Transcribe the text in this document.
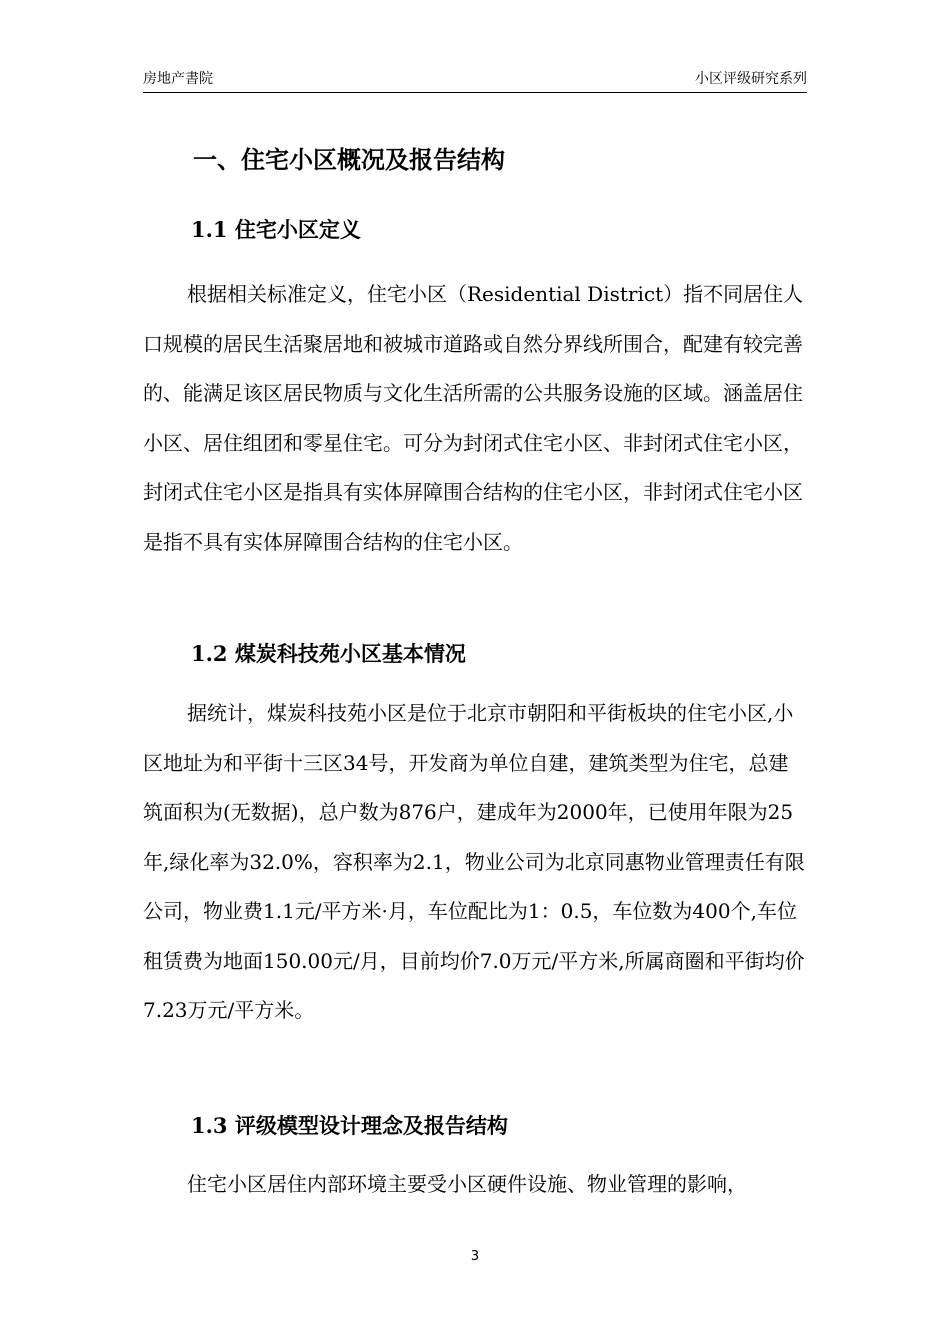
房地产書院	小区评级研究系列
一、住宅小区概况及报告结构
1.1 住宅小区定义

根据相关标准定义，住宅小区（Residential District）指不同居住人口规模的居民生活聚居地和被城市道路或自然分界线所围合，配建有较完善的、能满足该区居民物质与文化生活所需的公共服务设施的区域。涵盖居住小区、居住组团和零星住宅。可分为封闭式住宅小区、非封闭式住宅小区，封闭式住宅小区是指具有实体屏障围合结构的住宅小区，非封闭式住宅小区是指不具有实体屏障围合结构的住宅小区。

1.2 煤炭科技苑小区基本情况

据统计，煤炭科技苑小区是位于北京市朝阳和平街板块的住宅小区,小区地址为和平街十三区34号，开发商为单位自建，建筑类型为住宅，总建筑面积为(无数据)，总户数为876户，建成年为2000年，已使用年限为25年,绿化率为32.0%，容积率为2.1，物业公司为北京同惠物业管理责任有限公司，物业费1.1元/平方米·月，车位配比为1：0.5，车位数为400个,车位租赁费为地面150.00元/月，目前均价7.0万元/平方米,所属商圈和平街均价7.23万元/平方米。

1.3 评级模型设计理念及报告结构

住宅小区居住内部环境主要受小区硬件设施、物业管理的影响，

3
